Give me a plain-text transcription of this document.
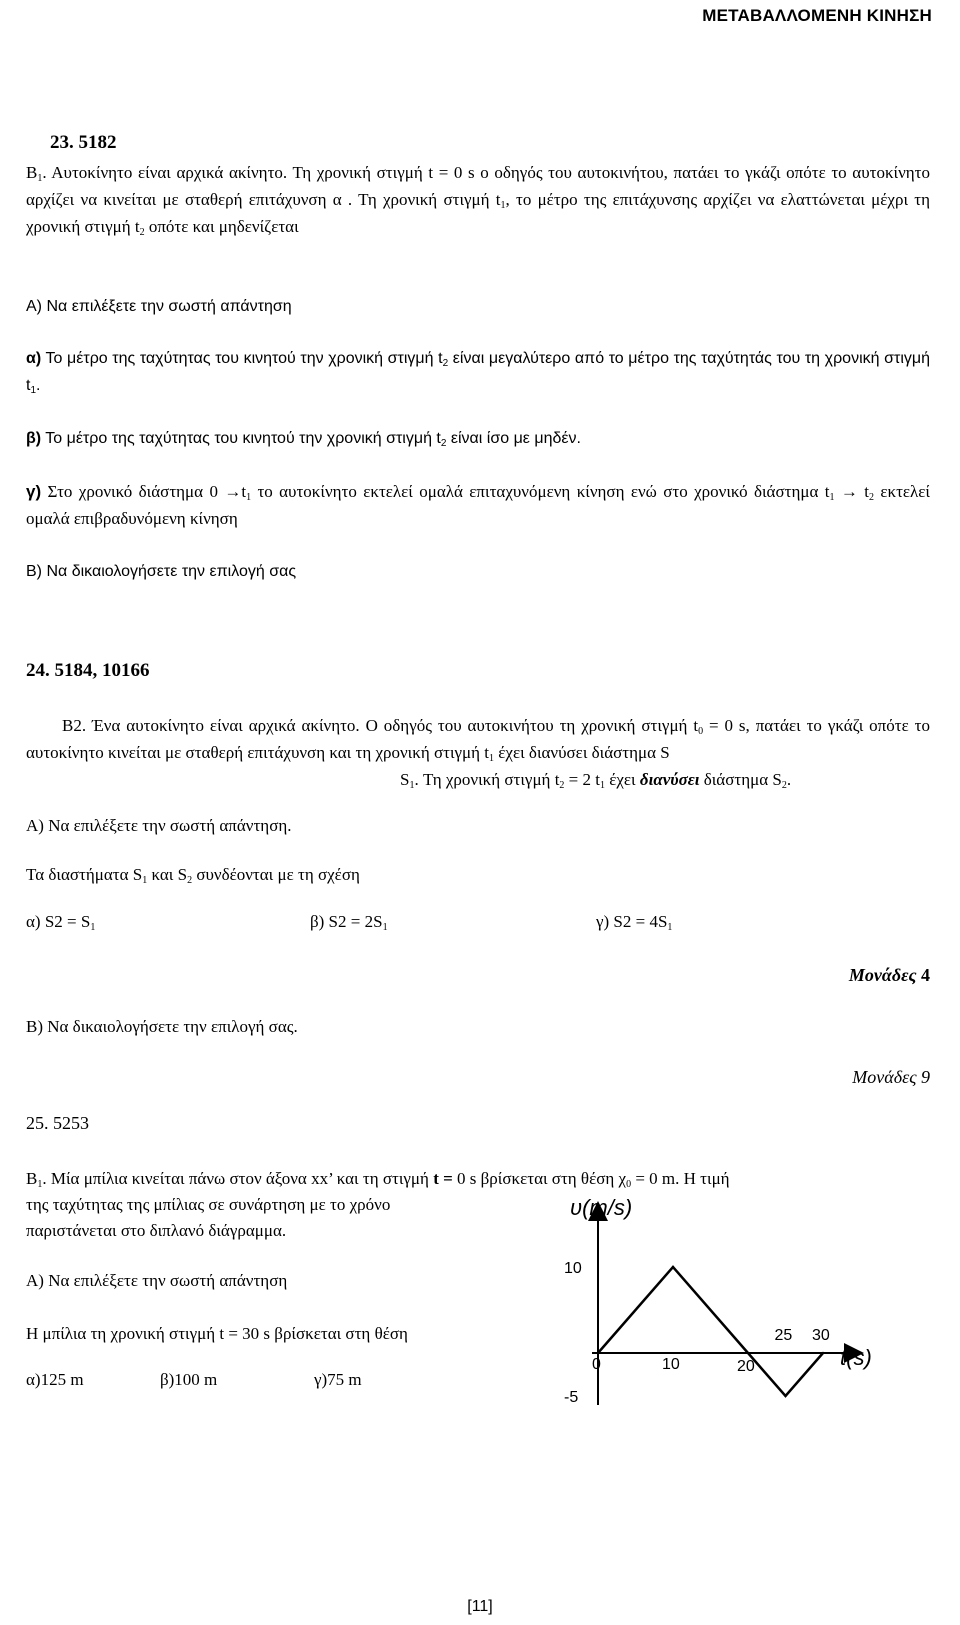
ΜΕΤΑΒΑΛΛΟΜΕΝΗ ΚΙΝΗΣΗ
23. 5182
$B_1$. Αυτοκίνητο είναι αρχικά ακίνητο. Τη χρονική στιγμή t = 0 s ο οδηγός του αυτοκινήτου, πατάει το γκάζι οπότε το αυτοκίνητο αρχίζει να κινείται με σταθερή επιτάχυνση α . Τη χρονική στιγμή $t_1$, το μέτρο της επιτάχυνσης αρχίζει να ελαττώνεται μέχρι τη χρονική στιγμή $t_2$ οπότε και μηδενίζεται
Α) Να επιλέξετε την σωστή απάντηση
α) Το μέτρο της ταχύτητας του κινητού την χρονική στιγμή $t_2$ είναι μεγαλύτερο από το μέτρο της ταχύτητάς του τη χρονική στιγμή $t_1$.
β) Το μέτρο της ταχύτητας του κινητού την χρονική στιγμή $t_2$ είναι ίσο με μηδέν.
γ) Στο χρονικό διάστημα $0 \to t_1$ το αυτοκίνητο εκτελεί ομαλά επιταχυνόμενη κίνηση ενώ στο χρονικό διάστημα $t_1 \to t_2$ εκτελεί ομαλά επιβραδυνόμενη κίνηση
Β) Να δικαιολογήσετε την επιλογή σας
24. 5184, 10166
Β2. Ένα αυτοκίνητο είναι αρχικά ακίνητο. Ο οδηγός του αυτοκινήτου τη χρονική στιγμή $t_0 = 0$ s, πατάει το γκάζι οπότε το αυτοκίνητο κινείται με σταθερή επιτάχυνση και τη χρονική στιγμή $t_1$ έχει διανύσει διάστημα S
$S_1$. Τη χρονική στιγμή $t_2 = 2$ $t_1$ έχει διανύσει διάστημα $S_2$.
Α) Να επιλέξετε την σωστή απάντηση.
Τα διαστήματα $S_1$ και $S_2$ συνδέονται με τη σχέση
α) $S2 = S_1$	β) $S2 = 2S_1$	γ) $S2 = 4S_1$
Μονάδες 4
Β) Να δικαιολογήσετε την επιλογή σας.
Μονάδες 9
25. 5253
$B_1$. Μία μπίλια κινείται πάνω στον άξονα xx’ και τη στιγμή t = 0 s βρίσκεται στη θέση $\chi_0 = 0$ m. Η τιμή
της ταχύτητας της μπίλιας σε συνάρτηση με το χρόνο
παριστάνεται στο διπλανό διάγραμμα.
Α) Να επιλέξετε την σωστή απάντηση
Η μπίλια τη χρονική στιγμή t = 30 s βρίσκεται στη θέση
α)125 m	β)100 m	γ)75 m
υ(m/s)
t(s)
0	10	20
25 30
10
-5
[11]
